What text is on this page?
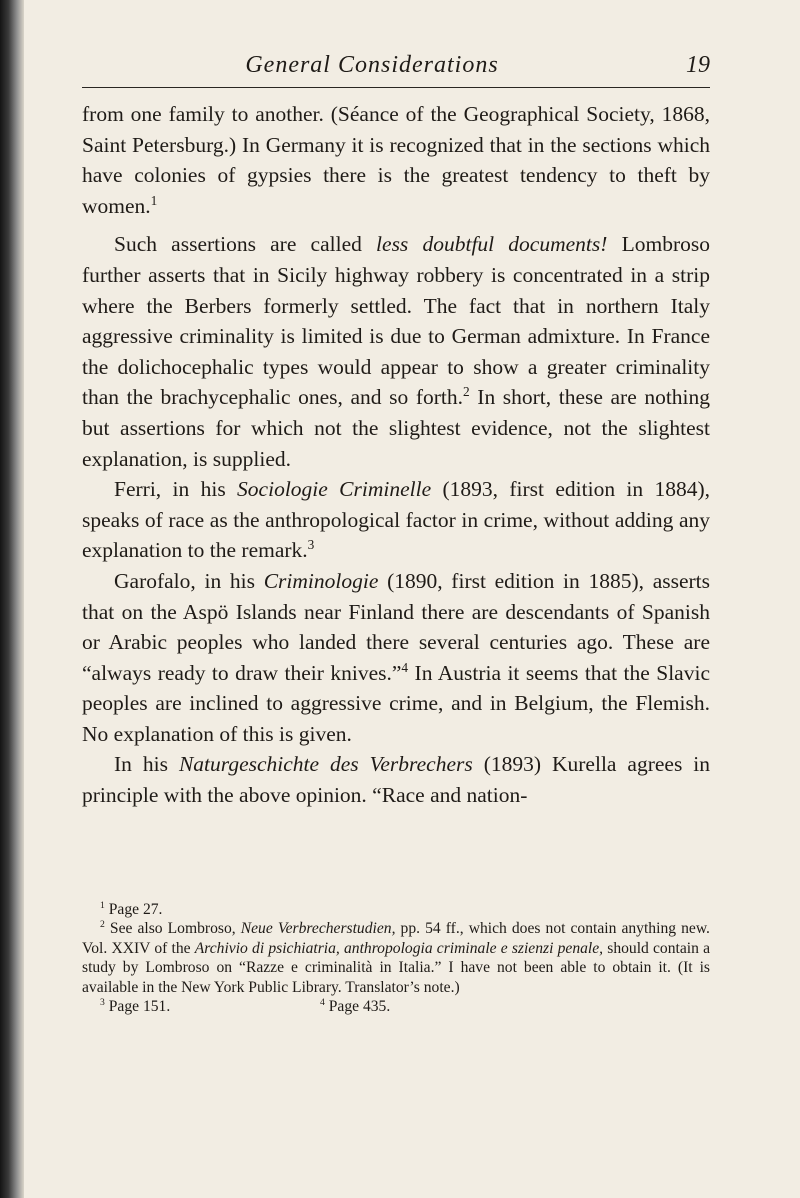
General Considerations	19

from one family to another. (Séance of the Geographical Society, 1868, Saint Petersburg.) In Germany it is recognized that in the sections which have colonies of gypsies there is the greatest tendency to theft by women.$^1$

Such assertions are called less doubtful documents! Lombroso further asserts that in Sicily highway robbery is concentrated in a strip where the Berbers formerly settled. The fact that in northern Italy aggressive criminality is limited is due to German admixture. In France the dolichocephalic types would appear to show a greater criminality than the brachycephalic ones, and so forth.$^2$ In short, these are nothing but assertions for which not the slightest evidence, not the slightest explanation, is supplied.

Ferri, in his Sociologie Criminelle (1893, first edition in 1884), speaks of race as the anthropological factor in crime, without adding any explanation to the remark.$^3$

Garofalo, in his Criminologie (1890, first edition in 1885), asserts that on the Aspö Islands near Finland there are descendants of Spanish or Arabic peoples who landed there several centuries ago. These are “always ready to draw their knives.”$^4$ In Austria it seems that the Slavic peoples are inclined to aggressive crime, and in Belgium, the Flemish. No explanation of this is given.

In his Naturgeschichte des Verbrechers (1893) Kurella agrees in principle with the above opinion. “Race and nation-

$^1$ Page 27.

$^2$ See also Lombroso, Neue Verbrecherstudien, pp. 54 ff., which does not contain anything new. Vol. XXIV of the Archivio di psichiatria, anthropologia criminale e szienzi penale, should contain a study by Lombroso on “Razze e criminalità in Italia.” I have not been able to obtain it. (It is available in the New York Public Library. Translator’s note.)

$^3$ Page 151.	$^4$ Page 435.
